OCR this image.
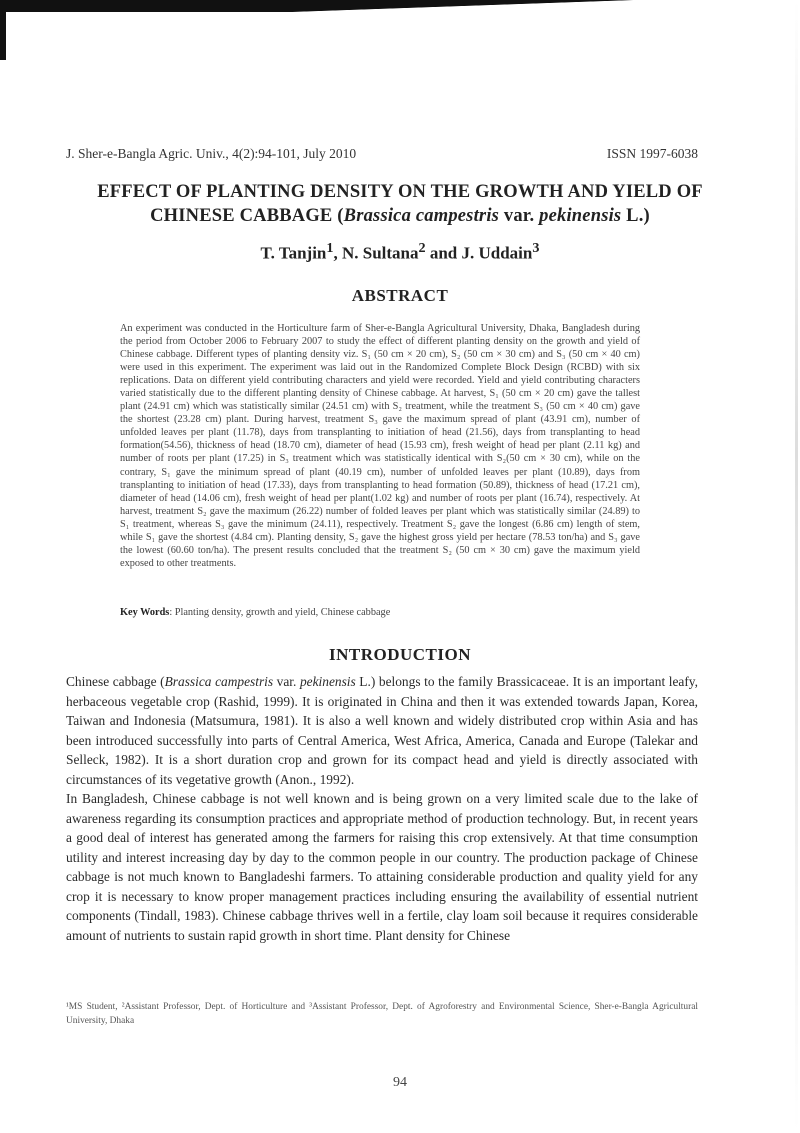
J. Sher-e-Bangla Agric. Univ., 4(2):94-101, July 2010	ISSN 1997-6038
EFFECT OF PLANTING DENSITY ON THE GROWTH AND YIELD OF
CHINESE CABBAGE (Brassica campestris var. pekinensis L.)
T. Tanjin$^1$, N. Sultana$^2$ and J. Uddain$^3$
ABSTRACT
An experiment was conducted in the Horticulture farm of Sher-e-Bangla Agricultural University, Dhaka, Bangladesh during the period from October 2006 to February 2007 to study the effect of different planting density on the growth and yield of Chinese cabbage. Different types of planting density viz. S₁ (50 cm × 20 cm), S₂ (50 cm × 30 cm) and S₃ (50 cm × 40 cm) were used in this experiment. The experiment was laid out in the Randomized Complete Block Design (RCBD) with six replications. Data on different yield contributing characters and yield were recorded. Yield and yield contributing characters varied statistically due to the different planting density of Chinese cabbage. At harvest, S₁ (50 cm × 20 cm) gave the tallest plant (24.91 cm) which was statistically similar (24.51 cm) with S₂ treatment, while the treatment S₃ (50 cm × 40 cm) gave the shortest (23.28 cm) plant. During harvest, treatment S₃ gave the maximum spread of plant (43.91 cm), number of unfolded leaves per plant (11.78), days from transplanting to initiation of head (21.56), days from transplanting to head formation(54.56), thickness of head (18.70 cm), diameter of head (15.93 cm), fresh weight of head per plant (2.11 kg) and number of roots per plant (17.25) in S₃ treatment which was statistically identical with S₂(50 cm × 30 cm), while on the contrary, S₁ gave the minimum spread of plant (40.19 cm), number of unfolded leaves per plant (10.89), days from transplanting to initiation of head (17.33), days from transplanting to head formation (50.89), thickness of head (17.21 cm), diameter of head (14.06 cm), fresh weight of head per plant(1.02 kg) and number of roots per plant (16.74), respectively. At harvest, treatment S₂ gave the maximum (26.22) number of folded leaves per plant which was statistically similar (24.89) to S₁ treatment, whereas S₃ gave the minimum (24.11), respectively. Treatment S₂ gave the longest (6.86 cm) length of stem, while S₁ gave the shortest (4.84 cm). Planting density, S₂ gave the highest gross yield per hectare (78.53 ton/ha) and S₃ gave the lowest (60.60 ton/ha). The present results concluded that the treatment S₂ (50 cm × 30 cm) gave the maximum yield exposed to other treatments.
Key Words: Planting density, growth and yield, Chinese cabbage
INTRODUCTION

Chinese cabbage (Brassica campestris var. pekinensis L.) belongs to the family Brassicaceae. It is an important leafy, herbaceous vegetable crop (Rashid, 1999). It is originated in China and then it was extended towards Japan, Korea, Taiwan and Indonesia (Matsumura, 1981). It is also a well known and widely distributed crop within Asia and has been introduced successfully into parts of Central America, West Africa, America, Canada and Europe (Talekar and Selleck, 1982). It is a short duration crop and grown for its compact head and yield is directly associated with circumstances of its vegetative growth (Anon., 1992).

In Bangladesh, Chinese cabbage is not well known and is being grown on a very limited scale due to the lake of awareness regarding its consumption practices and appropriate method of production technology. But, in recent years a good deal of interest has generated among the farmers for raising this crop extensively. At that time consumption utility and interest increasing day by day to the common people in our country. The production package of Chinese cabbage is not much known to Bangladeshi farmers. To attaining considerable production and quality yield for any crop it is necessary to know proper management practices including ensuring the availability of essential nutrient components (Tindall, 1983). Chinese cabbage thrives well in a fertile, clay loam soil because it requires considerable amount of nutrients to sustain rapid growth in short time. Plant density for Chinese

¹MS Student, ²Assistant Professor, Dept. of Horticulture and ³Assistant Professor, Dept. of Agroforestry and Environmental Science, Sher-e-Bangla Agricultural University, Dhaka
94
